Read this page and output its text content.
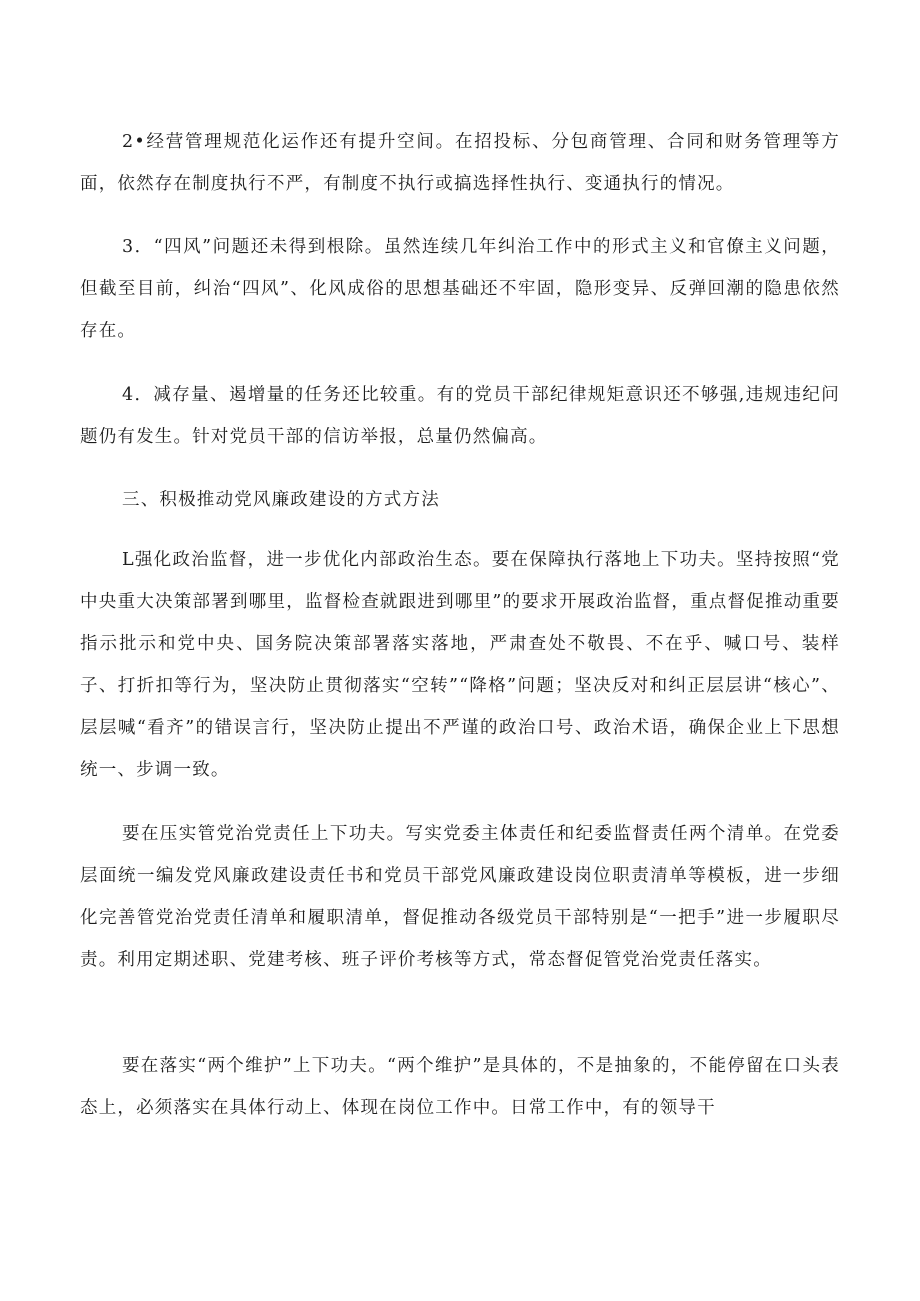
2•经营管理规范化运作还有提升空间。在招投标、分包商管理、合同和财务管理等方面，依然存在制度执行不严，有制度不执行或搞选择性执行、变通执行的情况。

3．“四风”问题还未得到根除。虽然连续几年纠治工作中的形式主义和官僚主义问题，但截至目前，纠治“四风”、化风成俗的思想基础还不牢固，隐形变异、反弹回潮的隐患依然存在。

4．减存量、遏增量的任务还比较重。有的党员干部纪律规矩意识还不够强,违规违纪问题仍有发生。针对党员干部的信访举报，总量仍然偏高。

三、积极推动党风廉政建设的方式方法

L强化政治监督，进一步优化内部政治生态。要在保障执行落地上下功夫。坚持按照“党中央重大决策部署到哪里，监督检查就跟进到哪里”的要求开展政治监督，重点督促推动重要指示批示和党中央、国务院决策部署落实落地，严肃查处不敬畏、不在乎、喊口号、装样子、打折扣等行为，坚决防止贯彻落实“空转”“降格”问题；坚决反对和纠正层层讲“核心”、层层喊“看齐”的错误言行，坚决防止提出不严谨的政治口号、政治术语，确保企业上下思想统一、步调一致。

要在压实管党治党责任上下功夫。写实党委主体责任和纪委监督责任两个清单。在党委层面统一编发党风廉政建设责任书和党员干部党风廉政建设岗位职责清单等模板，进一步细化完善管党治党责任清单和履职清单，督促推动各级党员干部特别是“一把手”进一步履职尽责。利用定期述职、党建考核、班子评价考核等方式，常态督促管党治党责任落实。

要在落实“两个维护”上下功夫。“两个维护”是具体的，不是抽象的，不能停留在口头表态上，必须落实在具体行动上、体现在岗位工作中。日常工作中，有的领导干
